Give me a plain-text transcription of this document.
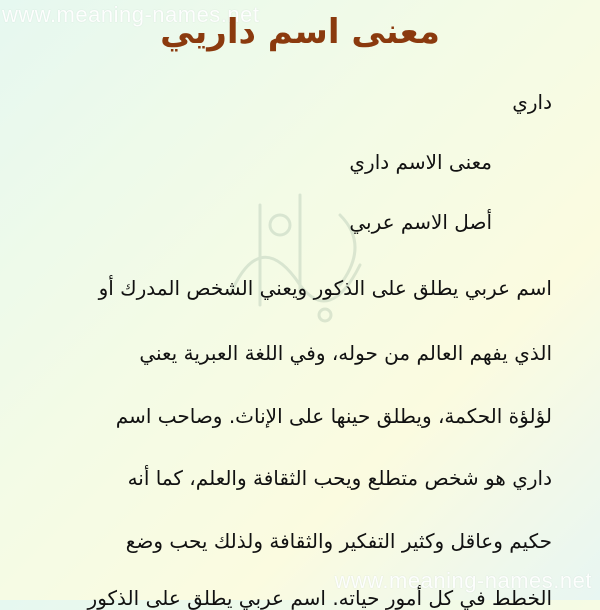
www.meaning-names.net
معنى اسم داريي
داري
معنى الاسم داري
أصل الاسم عربي
اسم عربي يطلق على الذكور ويعني الشخص المدرك أو
الذي يفهم العالم من حوله، وفي اللغة العبرية يعني
لؤلؤة الحكمة، ويطلق حينها على الإناث. وصاحب اسم
داري هو شخص متطلع ويحب الثقافة والعلم، كما أنه
حكيم وعاقل وكثير التفكير والثقافة ولذلك يحب وضع
الخطط في كل أمور حياته. اسم عربي يطلق على الذكور
www.meaning-names.net
